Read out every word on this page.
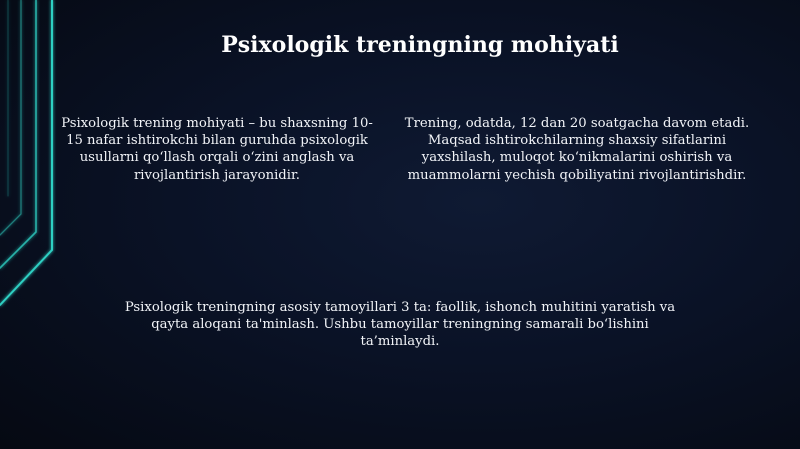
Psixologik treningning mohiyati
Psixologik trening mohiyati – bu shaxsning 10-15 nafar ishtirokchi bilan guruhda psixologik usullarni qo‘llash orqali o‘zini anglash va rivojlantirish jarayonidir.
Trening, odatda, 12 dan 20 soatgacha davom etadi. Maqsad ishtirokchilarning shaxsiy sifatlarini yaxshilash, muloqot ko‘nikmalarini oshirish va muammolarni yechish qobiliyatini rivojlantirishdir.
Psixologik treningning asosiy tamoyillari 3 ta: faollik, ishonch muhitini yaratish va qayta aloqani ta'minlash. Ushbu tamoyillar treningning samarali bo‘lishini ta’minlaydi.
